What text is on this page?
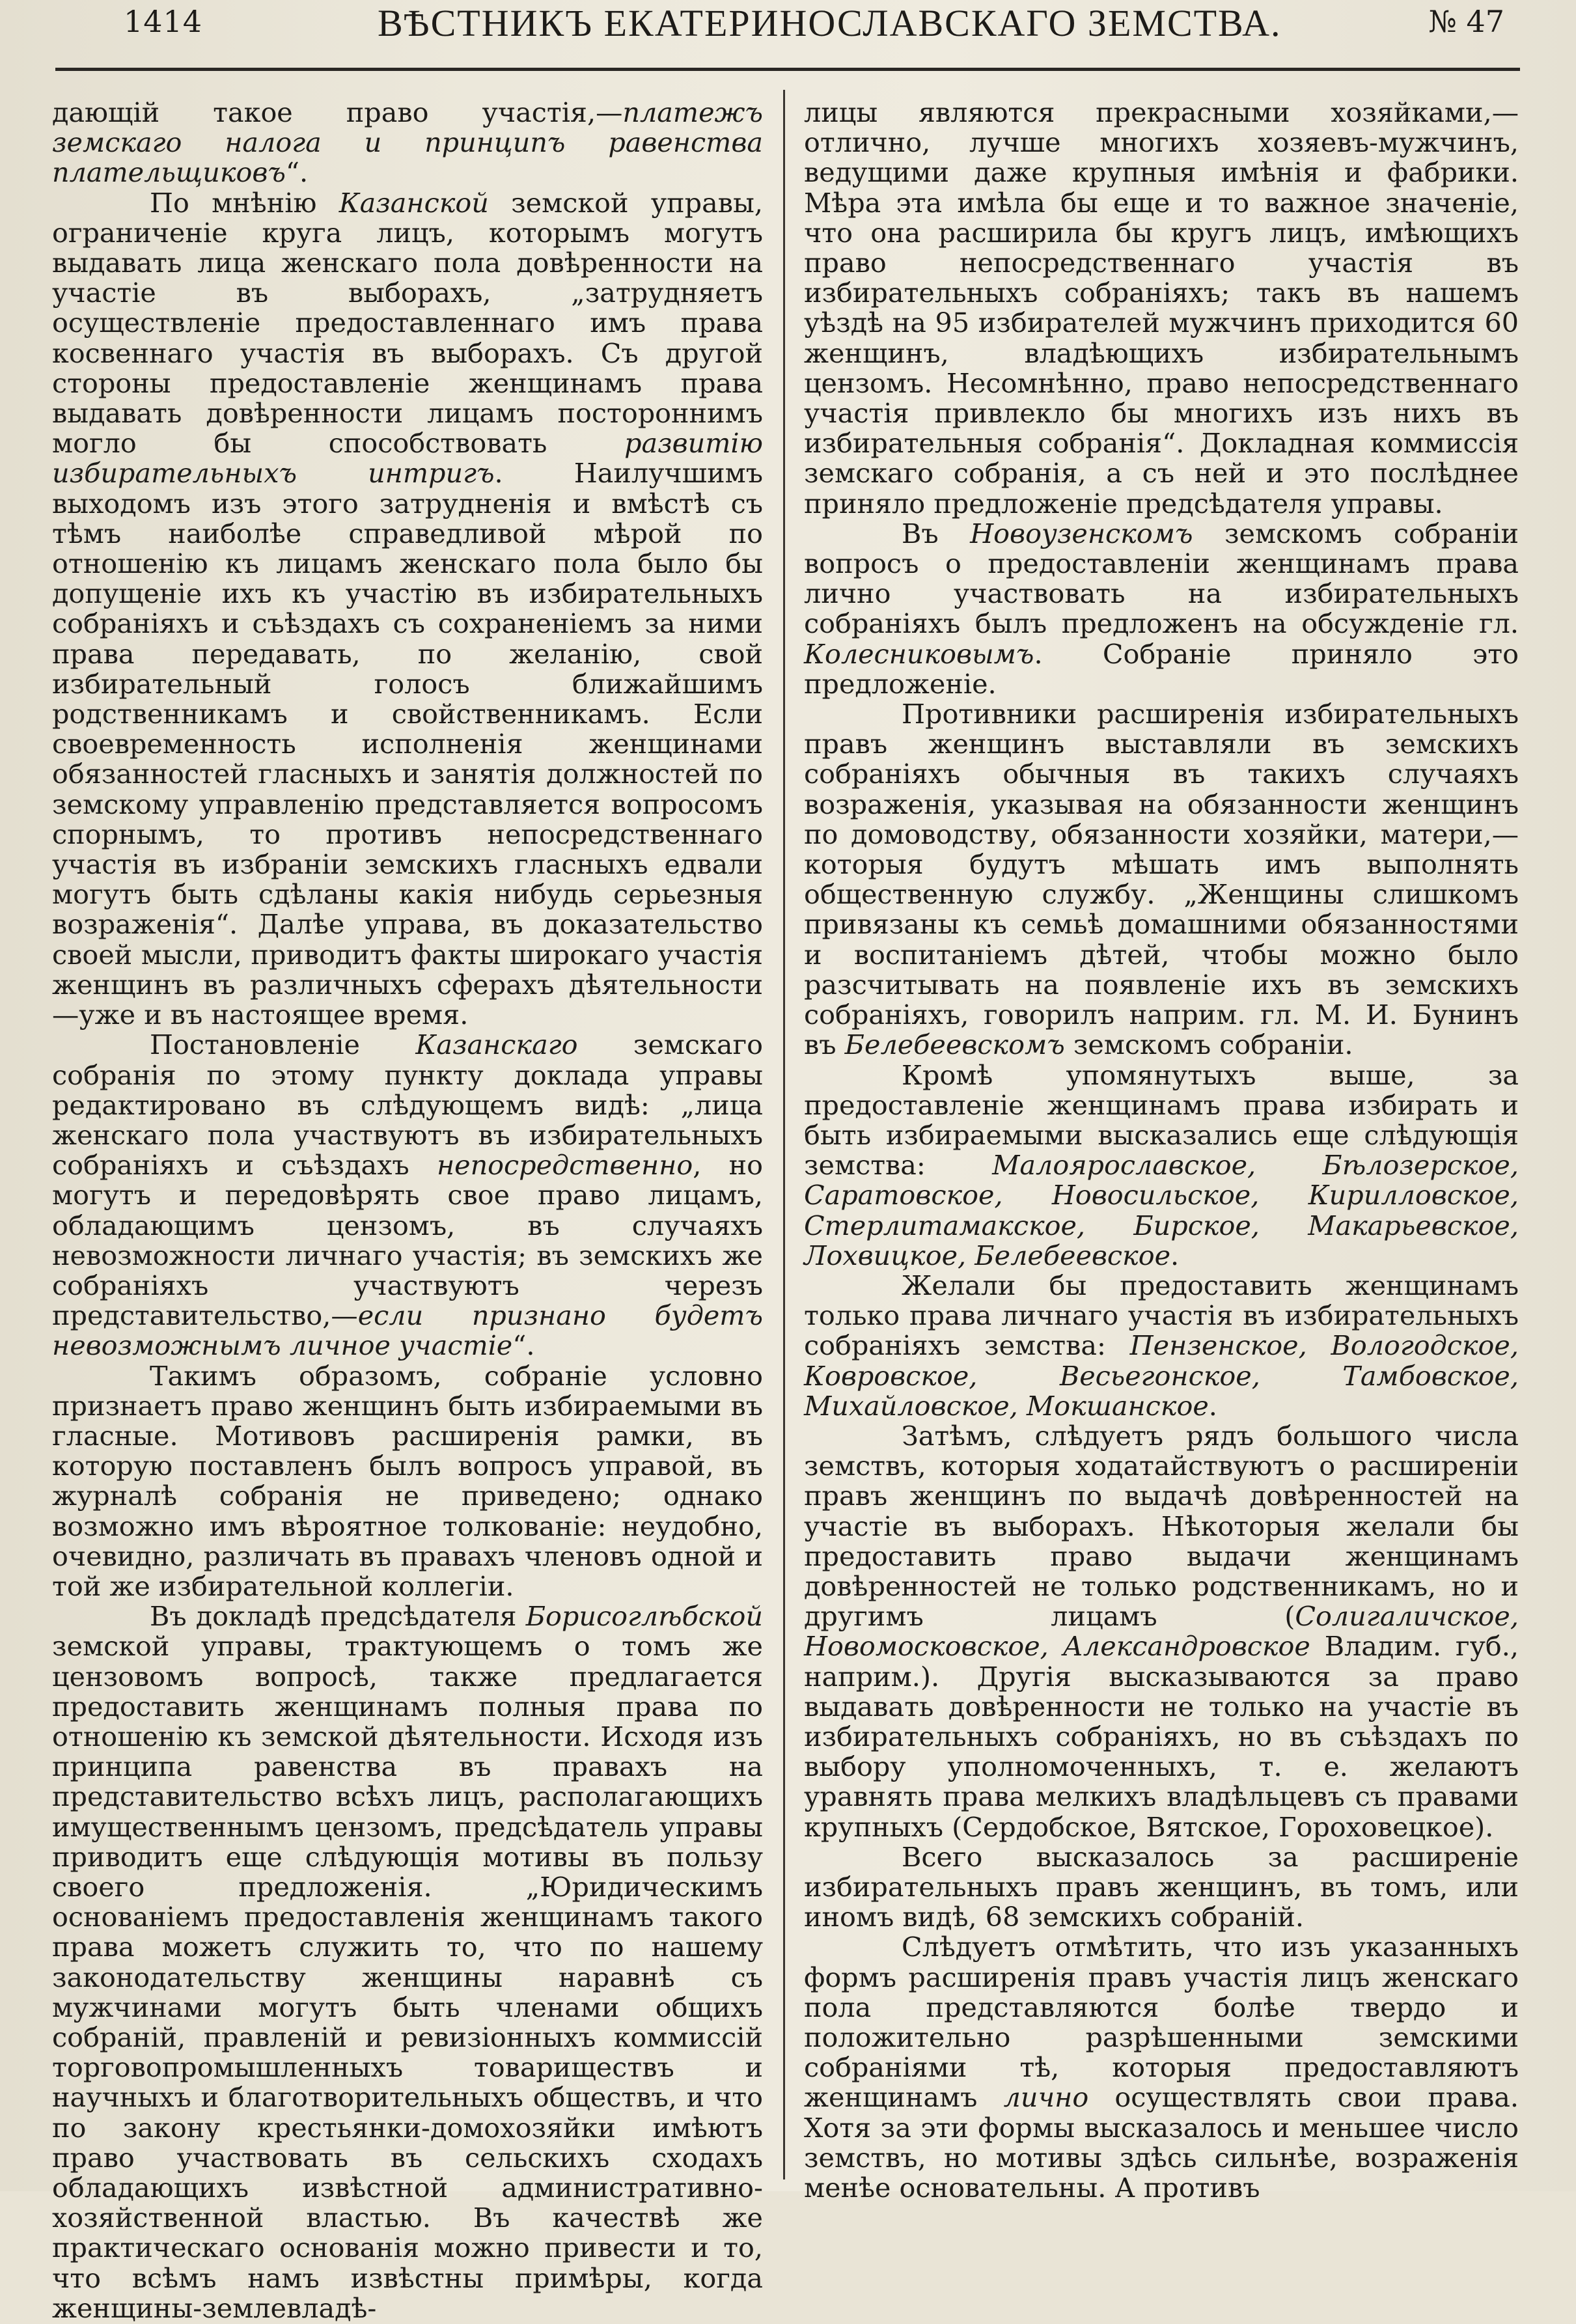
1414	ВѢСТНИКЪ ЕКАТЕРИНОСЛАВСКАГО ЗЕМСТВА.	№ 47

дающій такое право участія,—платежъ земскаго налога и принципъ равенства плательщиковъ“.

По мнѣнію Казанской земской управы, ограниченіе круга лицъ, которымъ могутъ выдавать лица женскаго пола довѣренности на участіе въ выборахъ, „затрудняетъ осуществленіе предоставленнаго имъ права косвеннаго участія въ выборахъ. Съ другой стороны предоставленіе женщинамъ права выдавать довѣренности лицамъ постороннимъ могло бы способствовать развитію избирательныхъ интригъ. Наилучшимъ выходомъ изъ этого затрудненія и вмѣстѣ съ тѣмъ наиболѣе справедливой мѣрой по отношенію къ лицамъ женскаго пола было бы допущеніе ихъ къ участію въ избирательныхъ собраніяхъ и съѣздахъ съ сохраненіемъ за ними права передавать, по желанію, свой избирательный голосъ ближайшимъ родственникамъ и свойственникамъ. Если своевременность исполненія женщинами обязанностей гласныхъ и занятія должностей по земскому управленію представляется вопросомъ спорнымъ, то противъ непосредственнаго участія въ избраніи земскихъ гласныхъ едвали могутъ быть сдѣланы какія нибудь серьезныя возраженія“. Далѣе управа, въ доказательство своей мысли, приводитъ факты широкаго участія женщинъ въ различныхъ сферахъ дѣятельности—уже и въ настоящее время.

Постановленіе Казанскаго земскаго собранія по этому пункту доклада управы редактировано въ слѣдующемъ видѣ: „лица женскаго пола участвуютъ въ избирательныхъ собраніяхъ и съѣздахъ непосредственно, но могутъ и передовѣрять свое право лицамъ, обладающимъ цензомъ, въ случаяхъ невозможности личнаго участія; въ земскихъ же собраніяхъ участвуютъ черезъ представительство,—если признано будетъ невозможнымъ личное участіе“.

Такимъ образомъ, собраніе условно признаетъ право женщинъ быть избираемыми въ гласные. Мотивовъ расширенія рамки, въ которую поставленъ былъ вопросъ управой, въ журналѣ собранія не приведено; однако возможно имъ вѣроятное толкованіе: неудобно, очевидно, различать въ правахъ членовъ одной и той же избирательной коллегіи.

Въ докладѣ предсѣдателя Борисоглѣбской земской управы, трактующемъ о томъ же цензовомъ вопросѣ, также предлагается предоставить женщинамъ полныя права по отношенію къ земской дѣятельности. Исходя изъ принципа равенства въ правахъ на представительство всѣхъ лицъ, располагающихъ имущественнымъ цензомъ, предсѣдатель управы приводитъ еще слѣдующія мотивы въ пользу своего предложенія. „Юридическимъ основаніемъ предоставленія женщинамъ такого права можетъ служить то, что по нашему законодательству женщины наравнѣ съ мужчинами могутъ быть членами общихъ собраній, правленій и ревизіонныхъ коммиссій торговопромышленныхъ товариществъ и научныхъ и благотворительныхъ обществъ, и что по закону крестьянки-домохозяйки имѣютъ право участвовать въ сельскихъ сходахъ обладающихъ извѣстной административно-хозяйственной властью. Въ качествѣ же практическаго основанія можно привести и то, что всѣмъ намъ извѣстны примѣры, когда женщины-землевладѣ-

лицы являются прекрасными хозяйками,—отлично, лучше многихъ хозяевъ-мужчинъ, ведущими даже крупныя имѣнія и фабрики. Мѣра эта имѣла бы еще и то важное значеніе, что она расширила бы кругъ лицъ, имѣющихъ право непосредственнаго участія въ избирательныхъ собраніяхъ; такъ въ нашемъ уѣздѣ на 95 избирателей мужчинъ приходится 60 женщинъ, владѣющихъ избирательнымъ цензомъ. Несомнѣнно, право непосредственнаго участія привлекло бы многихъ изъ нихъ въ избирательныя собранія“. Докладная коммиссія земскаго собранія, а съ ней и это послѣднее приняло предложеніе предсѣдателя управы.

Въ Новоузенскомъ земскомъ собраніи вопросъ о предоставленіи женщинамъ права лично участвовать на избирательныхъ собраніяхъ былъ предложенъ на обсужденіе гл. Колесниковымъ. Собраніе приняло это предложеніе.

Противники расширенія избирательныхъ правъ женщинъ выставляли въ земскихъ собраніяхъ обычныя въ такихъ случаяхъ возраженія, указывая на обязанности женщинъ по домоводству, обязанности хозяйки, матери,—которыя будутъ мѣшать имъ выполнять общественную службу. „Женщины слишкомъ привязаны къ семьѣ домашними обязанностями и воспитаніемъ дѣтей, чтобы можно было разсчитывать на появленіе ихъ въ земскихъ собраніяхъ, говорилъ наприм. гл. М. И. Бунинъ въ Белебеевскомъ земскомъ собраніи.

Кромѣ упомянутыхъ выше, за предоставленіе женщинамъ права избирать и быть избираемыми высказались еще слѣдующія земства: Малоярославское, Бѣлозерское, Саратовское, Новосильское, Кирилловское, Стерлитамакское, Бирское, Макарьевское, Лохвицкое, Белебеевское.

Желали бы предоставить женщинамъ только права личнаго участія въ избирательныхъ собраніяхъ земства: Пензенское, Вологодское, Ковровское, Весьегонское, Тамбовское, Михайловское, Мокшанское.

Затѣмъ, слѣдуетъ рядъ большого числа земствъ, которыя ходатайствуютъ о расширеніи правъ женщинъ по выдачѣ довѣренностей на участіе въ выборахъ. Нѣкоторыя желали бы предоставить право выдачи женщинамъ довѣренностей не только родственникамъ, но и другимъ лицамъ (Солигаличское, Новомосковское, Александровское Владим. губ., наприм.). Другія высказываются за право выдавать довѣренности не только на участіе въ избирательныхъ собраніяхъ, но въ съѣздахъ по выбору уполномоченныхъ, т. е. желаютъ уравнять права мелкихъ владѣльцевъ съ правами крупныхъ (Сердобское, Вятское, Гороховецкое).

Всего высказалось за расширеніе избирательныхъ правъ женщинъ, въ томъ, или иномъ видѣ, 68 земскихъ собраній.

Слѣдуетъ отмѣтить, что изъ указанныхъ формъ расширенія правъ участія лицъ женскаго пола представляются болѣе твердо и положительно разрѣшенными земскими собраніями тѣ, которыя предоставляютъ женщинамъ лично осуществлять свои права. Хотя за эти формы высказалось и меньшее число земствъ, но мотивы здѣсь сильнѣе, возраженія менѣе основательны. А противъ
